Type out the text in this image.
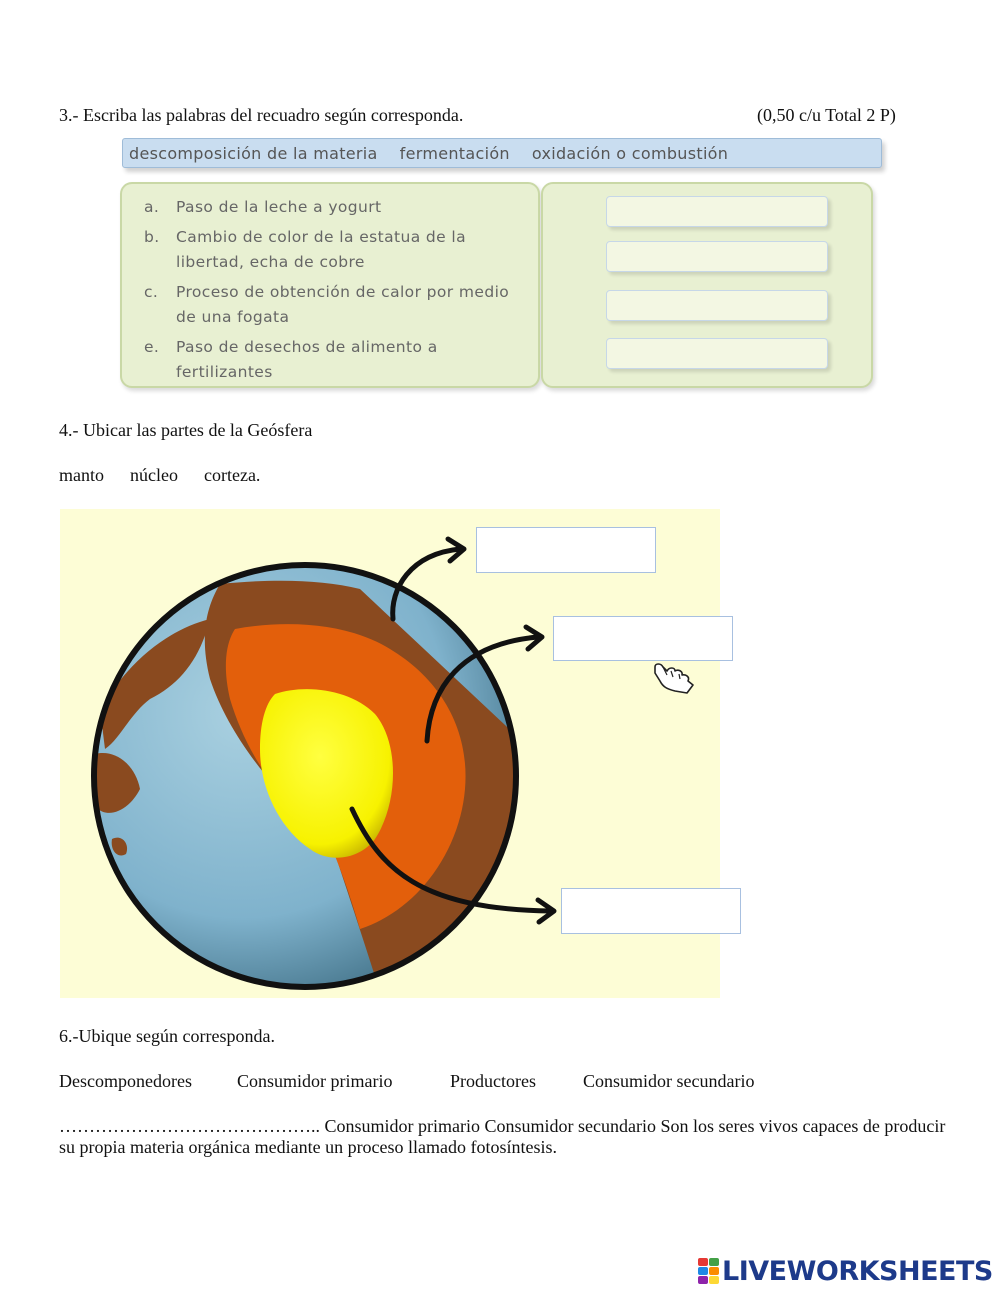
3.- Escriba las palabras del recuadro según corresponda.	(0,50 c/u Total 2 P)
descomposición de la materia fermentación oxidación o combustión
a. Paso de la leche a yogurt
b. Cambio de color de la estatua de la libertad, echa de cobre
c. Proceso de obtención de calor por medio de una fogata
e. Paso de desechos de alimento a fertilizantes
4.- Ubicar las partes de la Geósfera
manto núcleo corteza.
6.-Ubique según corresponda.
Descomponedores	Consumidor primario	Productores	Consumidor secundario
…………………………………….. Consumidor primario Consumidor secundario Son los seres vivos capaces de producir su propia materia orgánica mediante un proceso llamado fotosíntesis.
LIVEWORKSHEETS
